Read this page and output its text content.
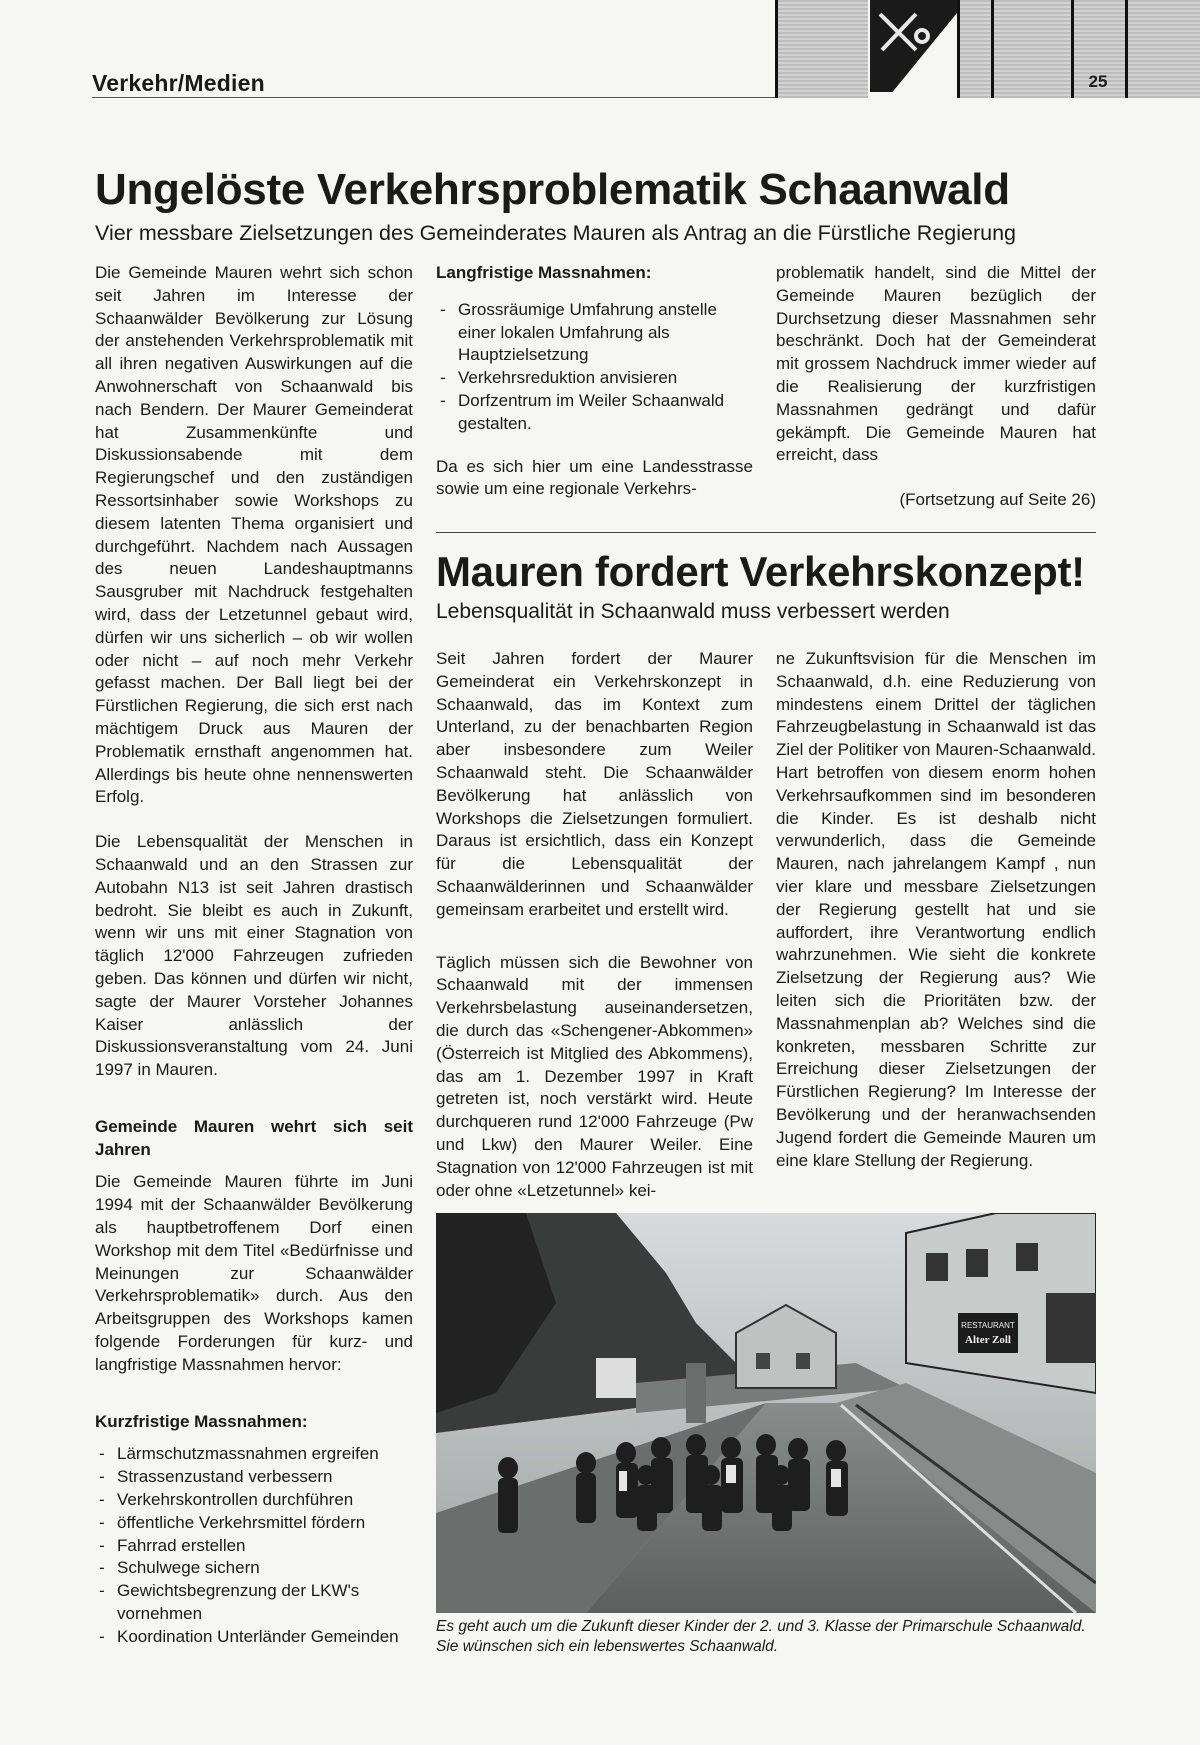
Verkehr/Medien	25
Ungelöste Verkehrsproblematik Schaanwald
Vier messbare Zielsetzungen des Gemeinderates Mauren als Antrag an die Fürstliche Regierung

Die Gemeinde Mauren wehrt sich schon seit Jahren im Interesse der Schaanwälder Bevölkerung zur Lösung der anstehenden Verkehrsproblematik mit all ihren negativen Auswirkungen auf die Anwohnerschaft von Schaanwald bis nach Bendern. Der Maurer Gemeinderat hat Zusammenkünfte und Diskussionsabende mit dem Regierungschef und den zuständigen Ressortsinhaber sowie Workshops zu diesem latenten Thema organisiert und durchgeführt. Nachdem nach Aussagen des neuen Landeshauptmanns Sausgruber mit Nachdruck festgehalten wird, dass der Letzetunnel gebaut wird, dürfen wir uns sicherlich – ob wir wollen oder nicht – auf noch mehr Verkehr gefasst machen. Der Ball liegt bei der Fürstlichen Regierung, die sich erst nach mächtigem Druck aus Mauren der Problematik ernsthaft angenommen hat. Allerdings bis heute ohne nennenswerten Erfolg.

Die Lebensqualität der Menschen in Schaanwald und an den Strassen zur Autobahn N13 ist seit Jahren drastisch bedroht. Sie bleibt es auch in Zukunft, wenn wir uns mit einer Stagnation von täglich 12'000 Fahrzeugen zufrieden geben. Das können und dürfen wir nicht, sagte der Maurer Vorsteher Johannes Kaiser anlässlich der Diskussionsveranstaltung vom 24. Juni 1997 in Mauren.

Gemeinde Mauren wehrt sich seit Jahren

Die Gemeinde Mauren führte im Juni 1994 mit der Schaanwälder Bevölkerung als hauptbetroffenem Dorf einen Workshop mit dem Titel «Bedürfnisse und Meinungen zur Schaanwälder Verkehrsproblematik» durch. Aus den Arbeitsgruppen des Workshops kamen folgende Forderungen für kurz- und langfristige Massnahmen hervor:

Kurzfristige Massnahmen:
- Lärmschutzmassnahmen ergreifen
- Strassenzustand verbessern
- Verkehrskontrollen durchführen
- öffentliche Verkehrsmittel fördern
- Fahrrad erstellen
- Schulwege sichern
- Gewichtsbegrenzung der LKW's vornehmen
- Koordination Unterländer Gemeinden
Langfristige Massnahmen:
- Grossräumige Umfahrung anstelle einer lokalen Umfahrung als Hauptzielsetzung
- Verkehrsreduktion anvisieren
- Dorfzentrum im Weiler Schaanwald gestalten.

Da es sich hier um eine Landesstrasse sowie um eine regionale Verkehrs-

problematik handelt, sind die Mittel der Gemeinde Mauren bezüglich der Durchsetzung dieser Massnahmen sehr beschränkt. Doch hat der Gemeinderat mit grossem Nachdruck immer wieder auf die Realisierung der kurzfristigen Massnahmen gedrängt und dafür gekämpft. Die Gemeinde Mauren hat erreicht, dass

(Fortsetzung auf Seite 26)

Mauren fordert Verkehrskonzept!
Lebensqualität in Schaanwald muss verbessert werden

Seit Jahren fordert der Maurer Gemeinderat ein Verkehrskonzept in Schaanwald, das im Kontext zum Unterland, zu der benachbarten Region aber insbesondere zum Weiler Schaanwald steht. Die Schaanwälder Bevölkerung hat anlässlich von Workshops die Zielsetzungen formuliert. Daraus ist ersichtlich, dass ein Konzept für die Lebensqualität der Schaanwälderinnen und Schaanwälder gemeinsam erarbeitet und erstellt wird.

Täglich müssen sich die Bewohner von Schaanwald mit der immensen Verkehrsbelastung auseinandersetzen, die durch das «Schengener-Abkommen» (Österreich ist Mitglied des Abkommens), das am 1. Dezember 1997 in Kraft getreten ist, noch verstärkt wird. Heute durchqueren rund 12'000 Fahrzeuge (Pw und Lkw) den Maurer Weiler. Eine Stagnation von 12'000 Fahrzeugen ist mit oder ohne «Letzetunnel» kei-

ne Zukunftsvision für die Menschen im Schaanwald, d.h. eine Reduzierung von mindestens einem Drittel der täglichen Fahrzeugbelastung in Schaanwald ist das Ziel der Politiker von Mauren-Schaanwald. Hart betroffen von diesem enorm hohen Verkehrsaufkommen sind im besonderen die Kinder. Es ist deshalb nicht verwunderlich, dass die Gemeinde Mauren, nach jahrelangem Kampf , nun vier klare und messbare Zielsetzungen der Regierung gestellt hat und sie auffordert, ihre Verantwortung endlich wahrzunehmen. Wie sieht die konkrete Zielsetzung der Regierung aus? Wie leiten sich die Prioritäten bzw. der Massnahmenplan ab? Welches sind die konkreten, messbaren Schritte zur Erreichung dieser Zielsetzungen der Fürstlichen Regierung? Im Interesse der Bevölkerung und der heranwachsenden Jugend fordert die Gemeinde Mauren um eine klare Stellung der Regierung.

RESTAURANT
Alter Zoll
Es geht auch um die Zukunft dieser Kinder der 2. und 3. Klasse der Primarschule Schaanwald. Sie wünschen sich ein lebenswertes Schaanwald.
